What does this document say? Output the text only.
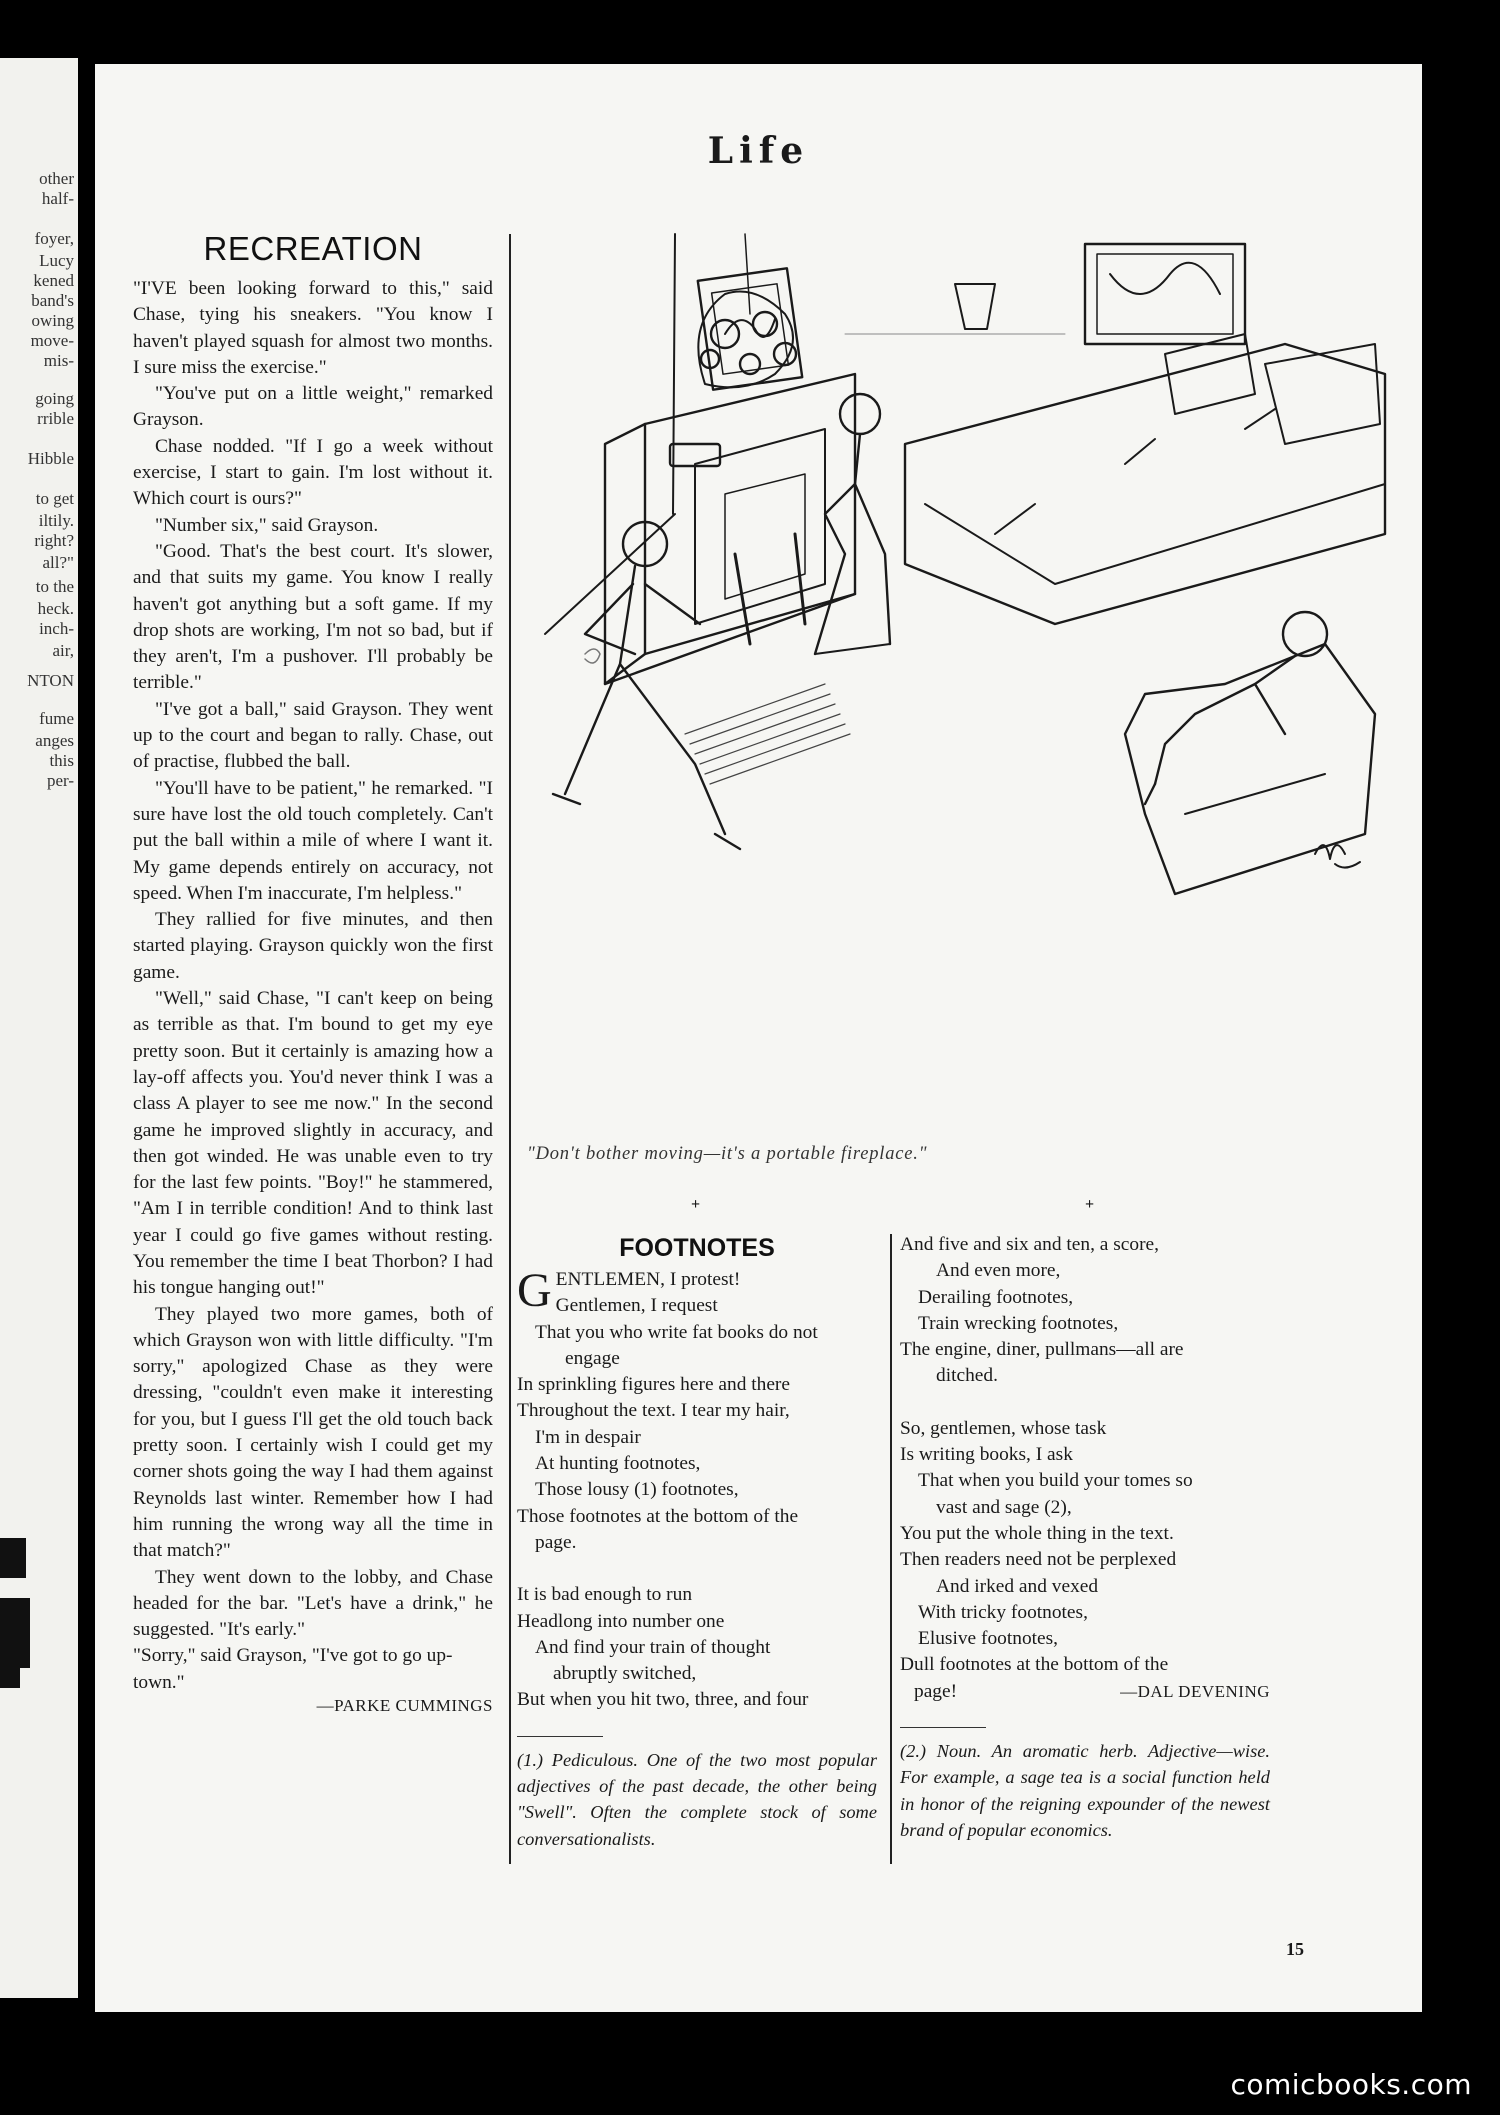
other
half-
foyer,
Lucy
kened
band's
owing
move-
mis-
going
rrible
Hibble
to get
iltily.
right?
all?"
to the
heck.
inch-
air,
NTON
fume
anges
this
per-
Life
RECREATION

"I'VE been looking forward to this," said Chase, tying his sneakers. "You know I haven't played squash for almost two months. I sure miss the exercise."

"You've put on a little weight," remarked Grayson.

Chase nodded. "If I go a week without exercise, I start to gain. I'm lost without it. Which court is ours?"

"Number six," said Grayson.

"Good. That's the best court. It's slower, and that suits my game. You know I really haven't got anything but a soft game. If my drop shots are working, I'm not so bad, but if they aren't, I'm a pushover. I'll probably be terrible."

"I've got a ball," said Grayson. They went up to the court and began to rally. Chase, out of practise, flubbed the ball.

"You'll have to be patient," he remarked. "I sure have lost the old touch completely. Can't put the ball within a mile of where I want it. My game depends entirely on accuracy, not speed. When I'm inaccurate, I'm helpless."

They rallied for five minutes, and then started playing. Grayson quickly won the first game.

"Well," said Chase, "I can't keep on being as terrible as that. I'm bound to get my eye pretty soon. But it certainly is amazing how a lay-off affects you. You'd never think I was a class A player to see me now." In the second game he improved slightly in accuracy, and then got winded. He was unable even to try for the last few points. "Boy!" he stammered, "Am I in terrible condition! And to think last year I could go five games without resting. You remember the time I beat Thorbon? I had his tongue hanging out!"

They played two more games, both of which Grayson won with little difficulty. "I'm sorry," apologized Chase as they were dressing, "couldn't even make it interesting for you, but I guess I'll get the old touch back pretty soon. I certainly wish I could get my corner shots going the way I had them against Reynolds last winter. Remember how I had him running the wrong way all the time in that match?"

They went down to the lobby, and Chase headed for the bar. "Let's have a drink," he suggested. "It's early."

"Sorry," said Grayson, "I've got to go up-town."
—PARKE CUMMINGS
"Don't bother moving—it's a portable fireplace."
+	+
FOOTNOTES
G ENTLEMEN, I protest!
Gentlemen, I request
That you who write fat books do not
engage
In sprinkling figures here and there
Throughout the text. I tear my hair,
I'm in despair
At hunting footnotes,
Those lousy (1) footnotes,
Those footnotes at the bottom of the
page.
It is bad enough to run
Headlong into number one
And find your train of thought
abruptly switched,
But when you hit two, three, and four

(1.) Pediculous. One of the two most popular adjectives of the past decade, the other being "Swell". Often the complete stock of some conversationalists.

And five and six and ten, a score,
And even more,
Derailing footnotes,
Train wrecking footnotes,
The engine, diner, pullmans—all are
ditched.
So, gentlemen, whose task
Is writing books, I ask
That when you build your tomes so
vast and sage (2),
You put the whole thing in the text.
Then readers need not be perplexed
And irked and vexed
With tricky footnotes,
Elusive footnotes,
Dull footnotes at the bottom of the
page!	—DAL DEVENING

(2.) Noun. An aromatic herb. Adjective—wise. For example, a sage tea is a social function held in honor of the reigning expounder of the newest brand of popular economics.

15
comicbooks.com
